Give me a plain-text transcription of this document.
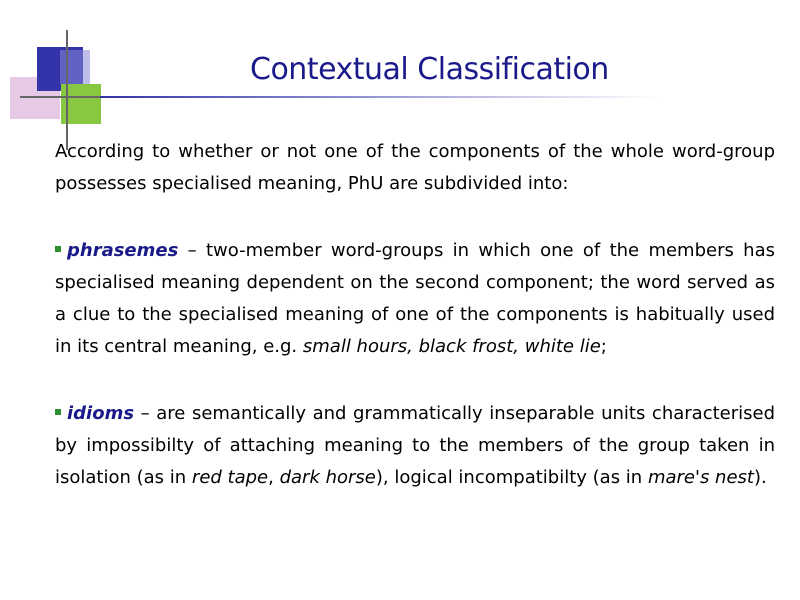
Contextual Classification

According to whether or not one of the components of the whole word-group possesses specialised meaning, PhU are subdivided into:

phrasemes – two-member word-groups in which one of the members has specialised meaning dependent on the second component; the word served as a clue to the specialised meaning of one of the components is habitually used in its central meaning, e.g. small hours, black frost, white lie;

idioms – are semantically and grammatically inseparable units characterised by impossibilty of attaching meaning to the members of the group taken in isolation (as in red tape, dark horse), logical incompatibilty (as in mare's nest).
